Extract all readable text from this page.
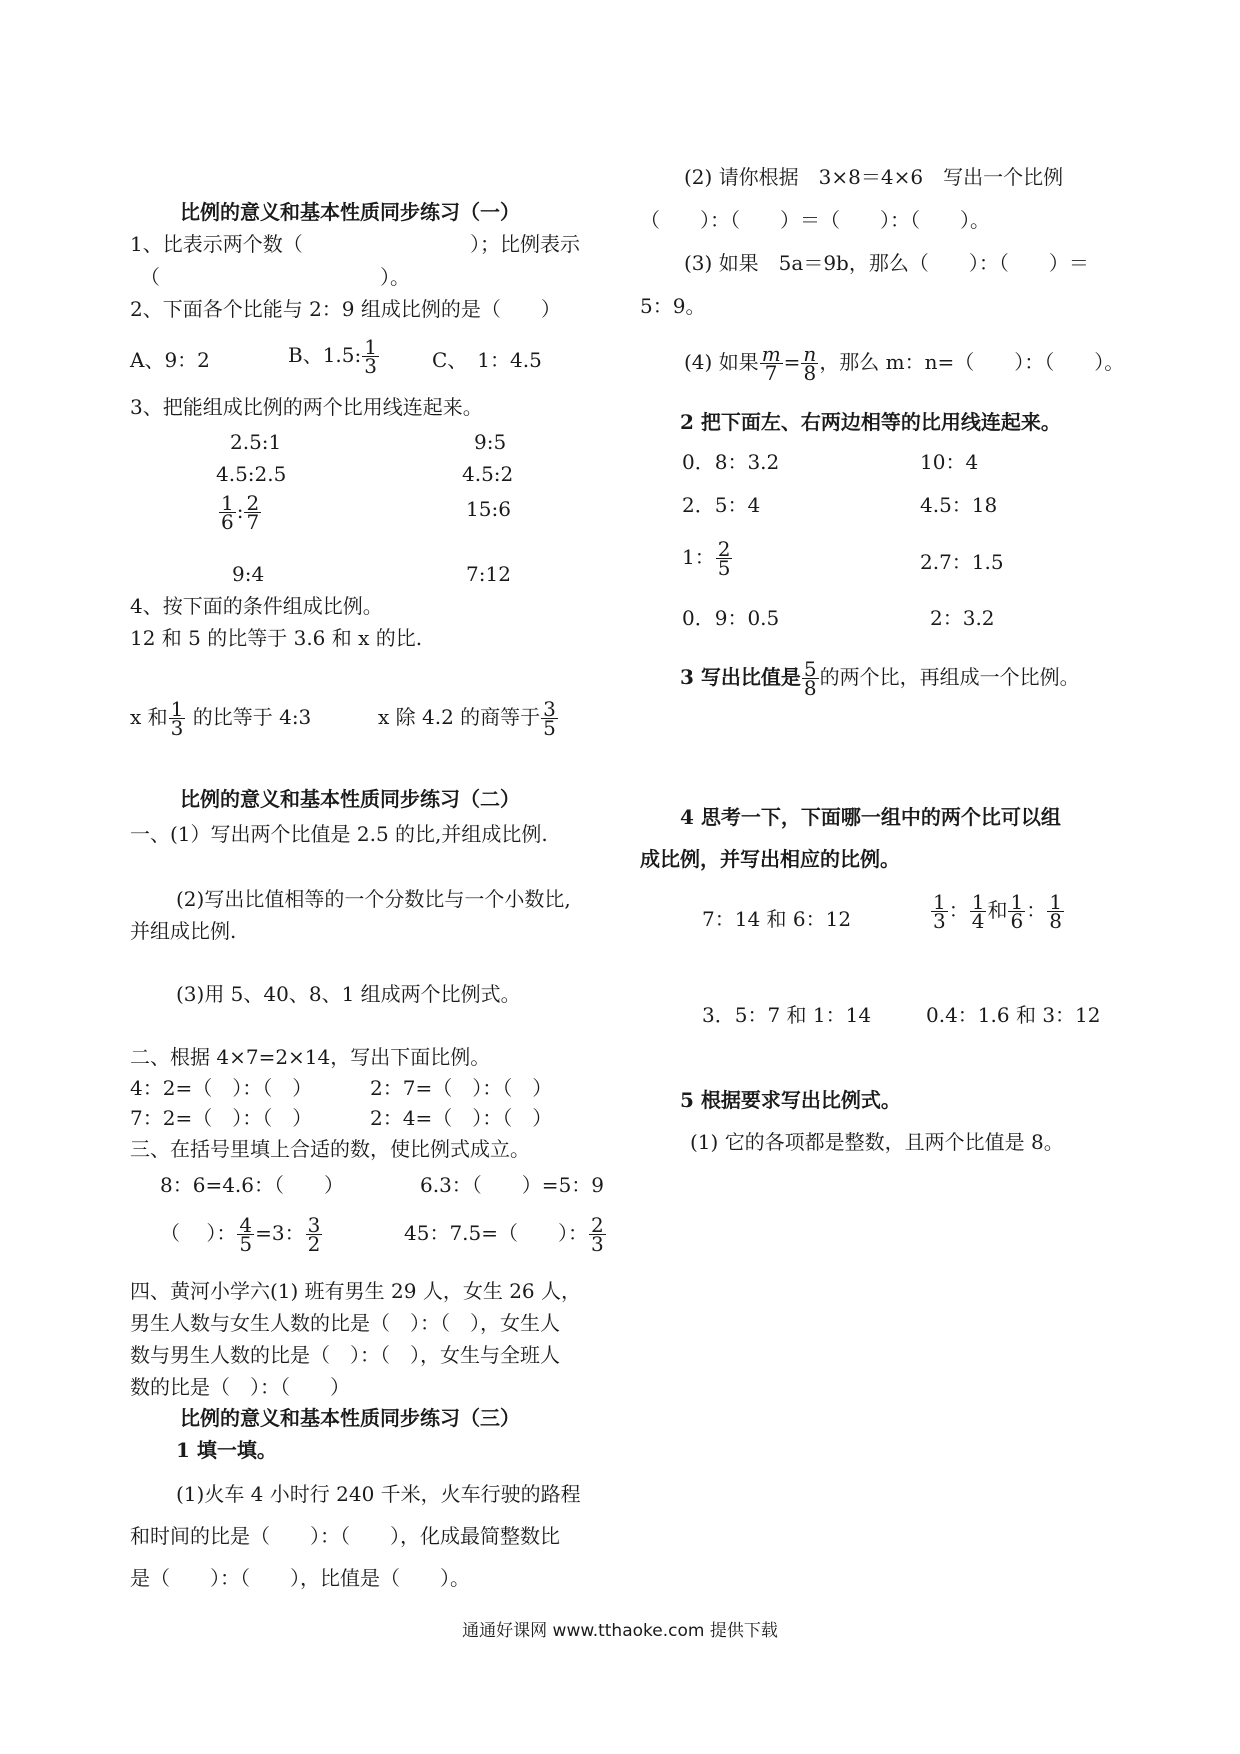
比例的意义和基本性质同步练习（一）
1、比表示两个数（	）；比例表示
（	）。
2、下面各个比能与 2：9 组成比例的是（　　）
A、9：2	B、1.5: $\frac{1}{3}$	C、　1：4.5
3、把能组成比例的两个比用线连起来。
2.5:1	9:5
4.5:2.5	4.5:2
$\frac{1}{6}$ : $\frac{2}{7}$	15:6
9:4	7:12
4、按下面的条件组成比例。
12 和 5 的比等于 3.6 和 x 的比.
x 和 $\frac{1}{3}$ 的比等于 4:3	x 除 4.2 的商等于 $\frac{3}{5}$
比例的意义和基本性质同步练习（二）
一、(1）写出两个比值是 2.5 的比,并组成比例.
(2)写出比值相等的一个分数比与一个小数比,
并组成比例.
(3)用 5、40、8、1 组成两个比例式。
二、根据 4×7=2×14，写出下面比例。
4：2=（　）：（　）	2：7=（　）：（　）
7：2=（　）：（　）	2：4=（　）：（　）
三、在括号里填上合适的数，使比例式成立。
8：6=4.6：（　　）	6.3：（　　）=5：9
（　 ）： $\frac{4}{5} =3$： $\frac{3}{2}$	45：7.5=（　　）： $\frac{2}{3}$
四、黄河小学六(1) 班有男生 29 人，女生 26 人，
男生人数与女生人数的比是（　）：（　），女生人
数与男生人数的比是（　）：（　），女生与全班人
数的比是（　）：（　　）
比例的意义和基本性质同步练习（三）
1 填一填。
(1)火车 4 小时行 240 千米，火车行驶的路程
和时间的比是（　　）：（　　），化成最简整数比
是（　　）：（　　），比值是（　　）。
(2) 请你根据　3×8＝4×6　写出一个比例
（　　）：（　　）＝（　　）：（　　）。
(3) 如果　5a＝9b，那么（　　）：（　　）＝
5：9。
(4) 如果 $\frac{m}{7} = \frac{n}{8}$ ，那么 m：n=（　　）：（　　）。
2 把下面左、右两边相等的比用线连起来。
0．8：3.2	10：4
2．5：4	4.5：18
1： $\frac{2}{5}$	2.7：1.5
0．9：0.5	2：3.2
3 写出比值是 $\frac{5}{8}$ 的两个比，再组成一个比例。
4 思考一下，下面哪一组中的两个比可以组
成比例，并写出相应的比例。
7：14 和 6：12	$\frac{1}{3}$ ： $\frac{1}{4}$ 和 $\frac{1}{6}$ ： $\frac{1}{8}$
3．5：7 和 1：14	0.4：1.6 和 3：12
5 根据要求写出比例式。
(1) 它的各项都是整数，且两个比值是 8。
通通好课网 www.tthaoke.com 提供下载
